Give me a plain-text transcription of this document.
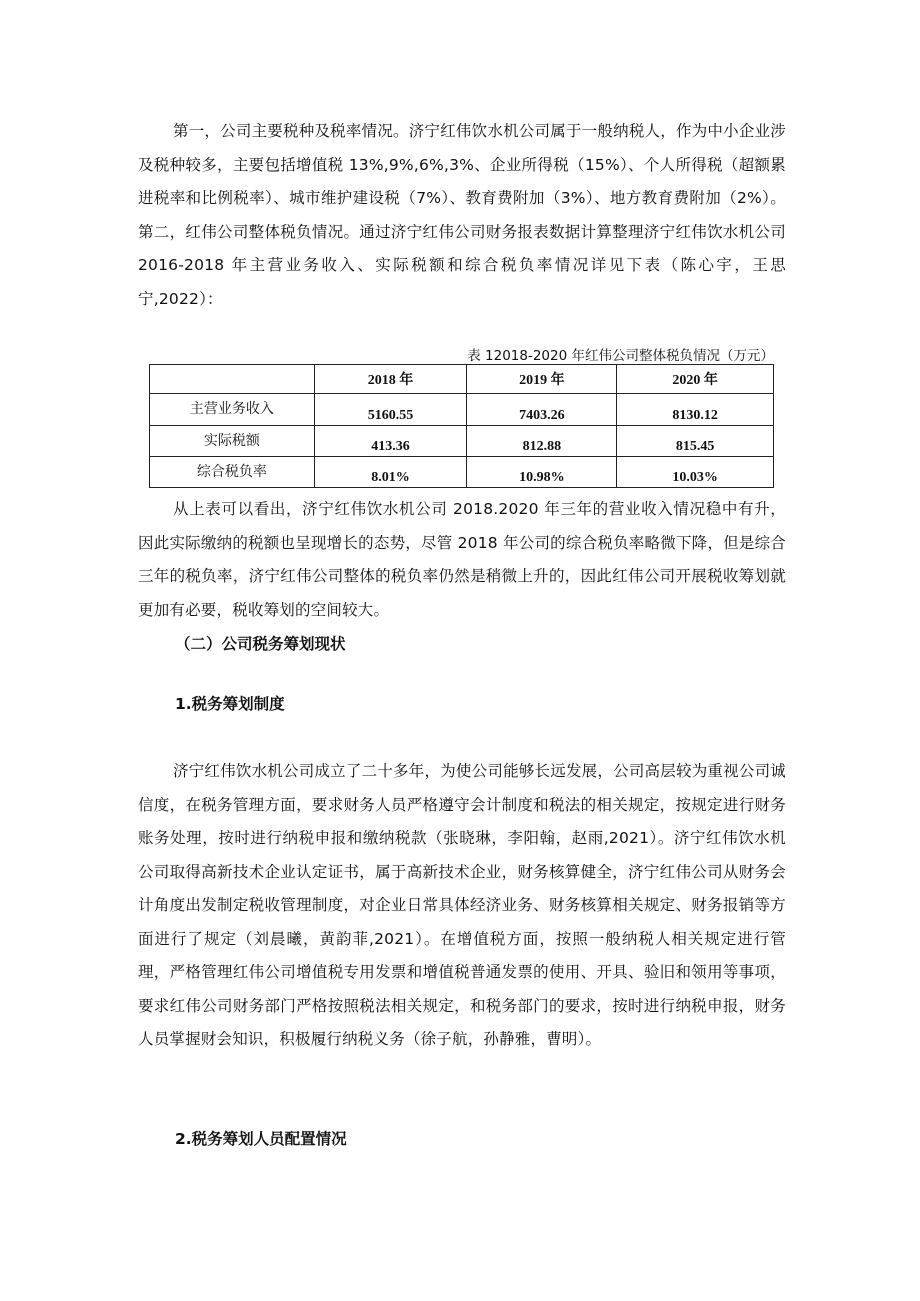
第一，公司主要税种及税率情况。济宁红伟饮水机公司属于一般纳税人，作为中小企业涉及税种较多，主要包括增值税 13%,9%,6%,3%、企业所得税（15%）、个人所得税（超额累进税率和比例税率）、城市维护建设税（7%）、教育费附加（3%）、地方教育费附加（2%）。第二，红伟公司整体税负情况。通过济宁红伟公司财务报表数据计算整理济宁红伟饮水机公司 2016-2018 年主营业务收入、实际税额和综合税负率情况详见下表（陈心宇，王思宁,2022）：

表 12018-2020 年红伟公司整体税负情况（万元）

	2018 年	2019 年	2020 年
主营业务收入	5160.55	7403.26	8130.12
实际税额	413.36	812.88	815.45
综合税负率	8.01%	10.98%	10.03%

从上表可以看出，济宁红伟饮水机公司 2018.2020 年三年的营业收入情况稳中有升，因此实际缴纳的税额也呈现增长的态势，尽管 2018 年公司的综合税负率略微下降，但是综合三年的税负率，济宁红伟公司整体的税负率仍然是稍微上升的，因此红伟公司开展税收筹划就更加有必要，税收筹划的空间较大。

（二）公司税务筹划现状

1.税务筹划制度

济宁红伟饮水机公司成立了二十多年，为使公司能够长远发展，公司高层较为重视公司诚信度，在税务管理方面，要求财务人员严格遵守会计制度和税法的相关规定，按规定进行财务账务处理，按时进行纳税申报和缴纳税款（张晓琳，李阳翰，赵雨,2021）。济宁红伟饮水机公司取得高新技术企业认定证书，属于高新技术企业，财务核算健全，济宁红伟公司从财务会计角度出发制定税收管理制度，对企业日常具体经济业务、财务核算相关规定、财务报销等方面进行了规定（刘晨曦，黄韵菲,2021）。在增值税方面，按照一般纳税人相关规定进行管理，严格管理红伟公司增值税专用发票和增值税普通发票的使用、开具、验旧和领用等事项，要求红伟公司财务部门严格按照税法相关规定，和税务部门的要求，按时进行纳税申报，财务人员掌握财会知识，积极履行纳税义务（徐子航，孙静雅，曹明）。

2.税务筹划人员配置情况
